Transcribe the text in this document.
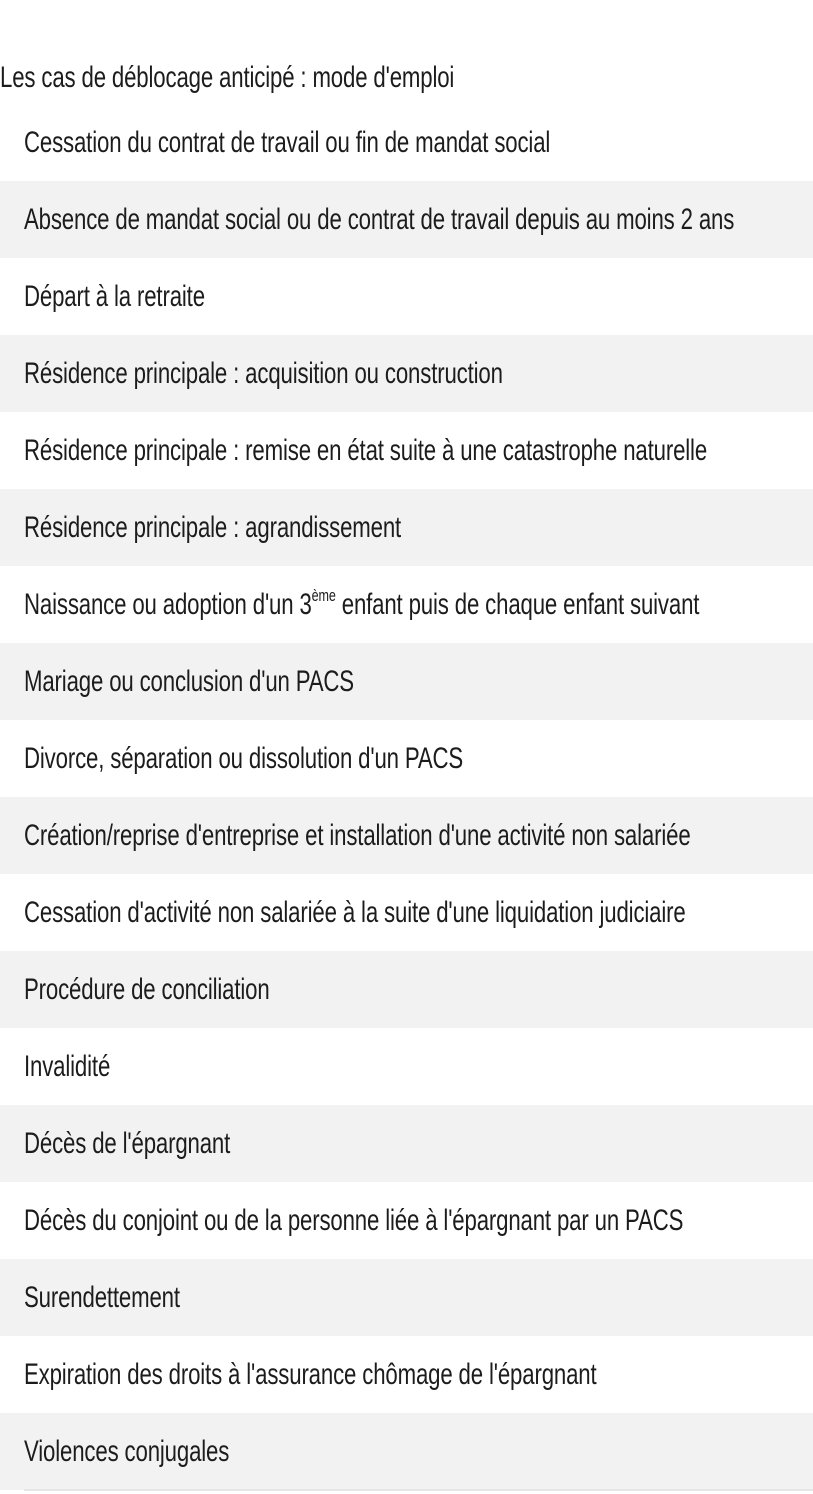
Les cas de déblocage anticipé : mode d'emploi
Cessation du contrat de travail ou fin de mandat social
Absence de mandat social ou de contrat de travail depuis au moins 2 ans
Départ à la retraite
Résidence principale : acquisition ou construction
Résidence principale : remise en état suite à une catastrophe naturelle
Résidence principale : agrandissement
Naissance ou adoption d'un 3ème enfant puis de chaque enfant suivant
Mariage ou conclusion d'un PACS
Divorce, séparation ou dissolution d'un PACS
Création/reprise d'entreprise et installation d'une activité non salariée
Cessation d'activité non salariée à la suite d'une liquidation judiciaire
Procédure de conciliation
Invalidité
Décès de l'épargnant
Décès du conjoint ou de la personne liée à l'épargnant par un PACS
Surendettement
Expiration des droits à l'assurance chômage de l'épargnant
Violences conjugales
